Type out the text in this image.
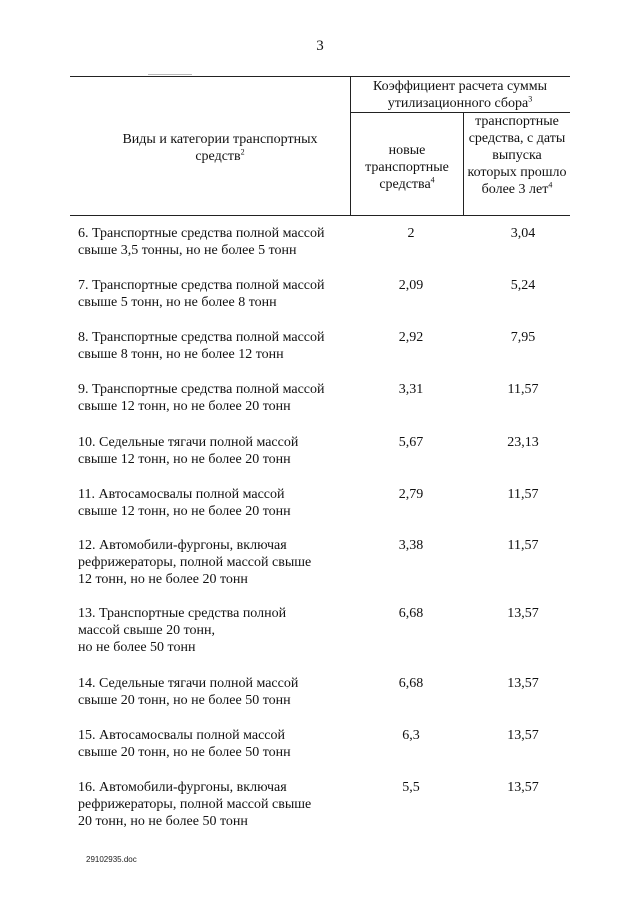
3
Виды и категории транспортных средств$^2$
Коэффициент расчета суммы утилизационного сбора$^3$
новые транспортные средства$^4$
транспортные средства, с даты выпуска которых прошло более 3 лет$^4$
6. Транспортные средства полной массой
свыше 3,5 тонны, но не более 5 тонн
2	3,04
7. Транспортные средства полной массой
свыше 5 тонн, но не более 8 тонн
2,09	5,24
8. Транспортные средства полной массой
свыше 8 тонн, но не более 12 тонн
2,92	7,95
9. Транспортные средства полной массой
свыше 12 тонн, но не более 20 тонн
3,31	11,57
10. Седельные тягачи полной массой
свыше 12 тонн, но не более 20 тонн
5,67	23,13
11. Автосамосвалы полной массой
свыше 12 тонн, но не более 20 тонн
2,79	11,57
12. Автомобили-фургоны, включая
рефрижераторы, полной массой свыше
12 тонн, но не более 20 тонн
3,38	11,57
13. Транспортные средства полной
массой свыше 20 тонн,
но не более 50 тонн
6,68	13,57
14. Седельные тягачи полной массой
свыше 20 тонн, но не более 50 тонн
6,68	13,57
15. Автосамосвалы полной массой
свыше 20 тонн, но не более 50 тонн
6,3	13,57
16. Автомобили-фургоны, включая
рефрижераторы, полной массой свыше
20 тонн, но не более 50 тонн
5,5	13,57
29102935.doc
